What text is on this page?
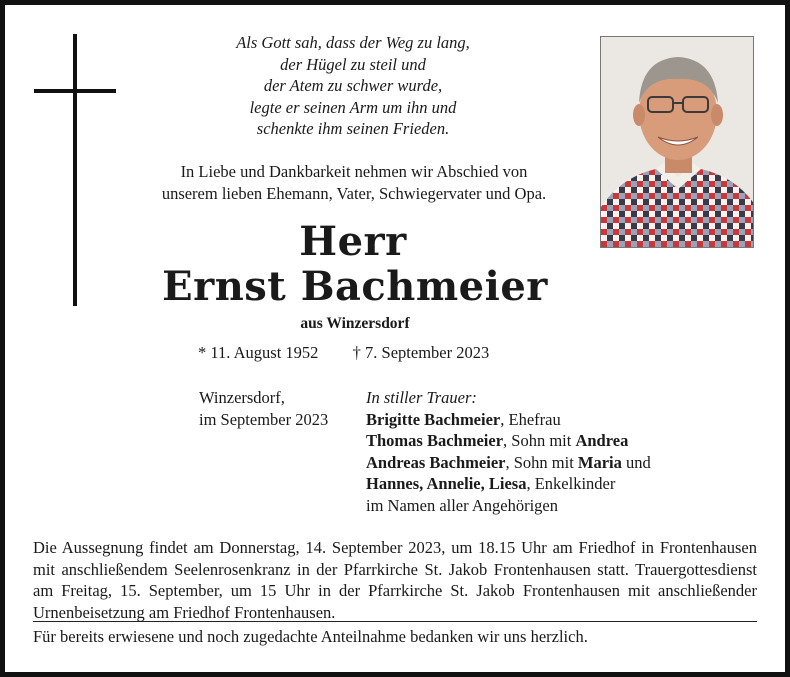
Als Gott sah, dass der Weg zu lang,
der Hügel zu steil und
der Atem zu schwer wurde,
legte er seinen Arm um ihn und
schenkte ihm seinen Frieden.
In Liebe und Dankbarkeit nehmen wir Abschied von
unserem lieben Ehemann, Vater, Schwiegervater und Opa.
Herr
Ernst Bachmeier
aus Winzersdorf
* 11. August 1952 † 7. September 2023
Winzersdorf,
im September 2023
In stiller Trauer:
Brigitte Bachmeier, Ehefrau
Thomas Bachmeier, Sohn mit Andrea
Andreas Bachmeier, Sohn mit Maria und
Hannes, Annelie, Liesa, Enkelkinder
im Namen aller Angehörigen
Die Aussegnung findet am Donnerstag, 14. September 2023, um 18.15 Uhr am Friedhof in Frontenhausen mit anschließendem Seelenrosenkranz in der Pfarrkirche St. Jakob Frontenhausen statt. Trauergottesdienst am Freitag, 15. September, um 15 Uhr in der Pfarrkirche St. Jakob Frontenhausen mit anschließender Urnenbeisetzung am Friedhof Frontenhausen.
Für bereits erwiesene und noch zugedachte Anteilnahme bedanken wir uns herzlich.
